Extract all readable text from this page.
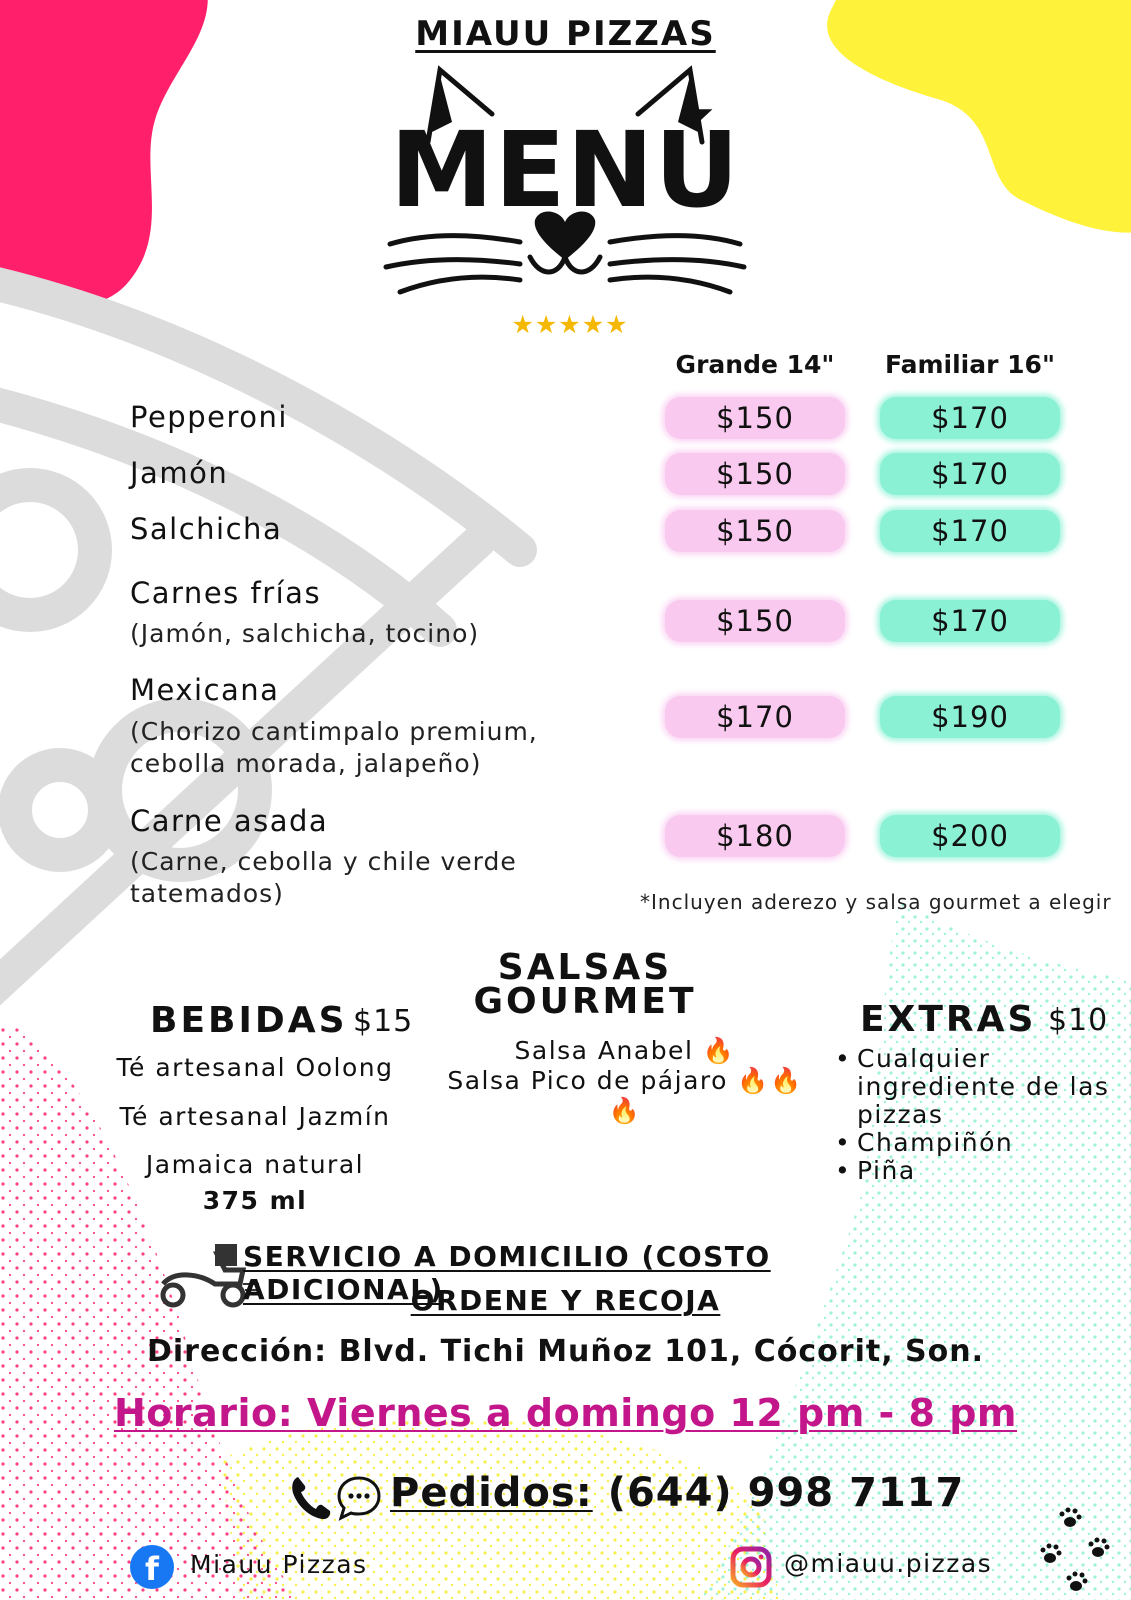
MIAUU PIZZAS
MENÚ
★★★★★
Grande 14"	Familiar 16"
Pepperoni	$150	$170
Jamón	$150	$170
Salchicha	$150	$170
Carnes frías
(Jamón, salchicha, tocino)	$150	$170
Mexicana
(Chorizo cantimpalo premium,
cebolla morada, jalapeño)
$170	$190
Carne asada
(Carne, cebolla y chile verde
tatemados)
$180	$200
*Incluyen aderezo y salsa gourmet a elegir
BEBIDAS $15
Té artesanal Oolong
Té artesanal Jazmín
Jamaica natural
375 ml
SALSAS
GOURMET
Salsa Anabel 🔥
Salsa Pico de pájaro 🔥🔥🔥
EXTRAS $10
• Cualquier ingrediente de las pizzas
• Champiñón
• Piña
SERVICIO A DOMICILIO (COSTO ADICIONAL)
ORDENE Y RECOJA
Dirección: Blvd. Tichi Muñoz 101, Cócorit, Son.
Horario: Viernes a domingo 12 pm - 8 pm
Pedidos: (644) 998 7117
f	Miauu Pizzas	@miauu.pizzas
